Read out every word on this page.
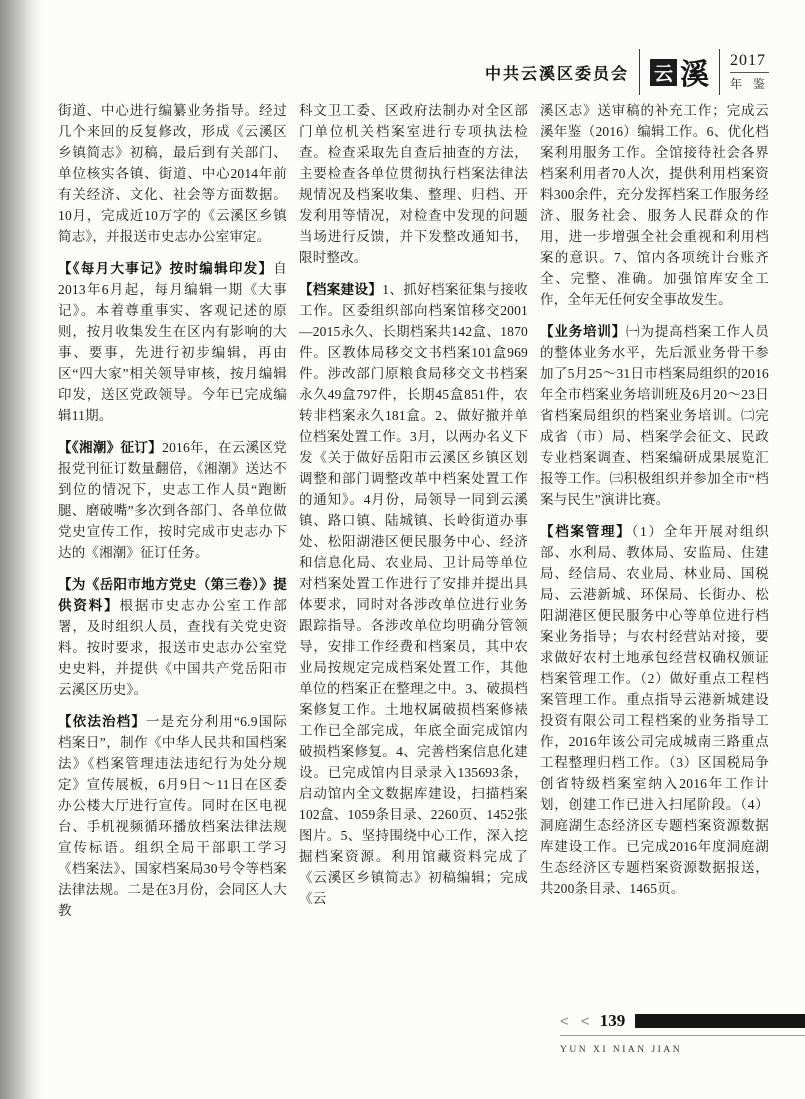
中共云溪区委员会 云 溪 2017
年 鉴

街道、中心进行编纂业务指导。经过几个来回的反复修改，形成《云溪区乡镇简志》初稿，最后到有关部门、单位核实各镇、街道、中心2014年前有关经济、文化、社会等方面数据。10月，完成近10万字的《云溪区乡镇简志》，并报送市史志办公室审定。

【《每月大事记》按时编辑印发】自2013年6月起，每月编辑一期《大事记》。本着尊重事实、客观记述的原则，按月收集发生在区内有影响的大事、要事，先进行初步编辑，再由区“四大家”相关领导审核，按月编辑印发，送区党政领导。今年已完成编辑11期。

【《湘潮》征订】2016年，在云溪区党报党刊征订数量翻倍，《湘潮》送达不到位的情况下，史志工作人员“跑断腿、磨破嘴”多次到各部门、各单位做党史宣传工作，按时完成市史志办下达的《湘潮》征订任务。

【为《岳阳市地方党史（第三卷）》提供资料】根据市史志办公室工作部署，及时组织人员，查找有关党史资料。按时要求，报送市史志办公室党史史料，并提供《中国共产党岳阳市云溪区历史》。

【依法治档】一是充分利用“6.9国际档案日”，制作《中华人民共和国档案法》《档案管理违法违纪行为处分规定》宣传展板，6月9日～11日在区委办公楼大厅进行宣传。同时在区电视台、手机视频循环播放档案法律法规宣传标语。组织全局干部职工学习《档案法》、国家档案局30号令等档案法律法规。二是在3月份，会同区人大教

科文卫工委、区政府法制办对全区部门单位机关档案室进行专项执法检查。检查采取先自查后抽查的方法，主要检查各单位贯彻执行档案法律法规情况及档案收集、整理、归档、开发利用等情况，对检查中发现的问题当场进行反馈，并下发整改通知书，限时整改。

【档案建设】1、抓好档案征集与接收工作。区委组织部向档案馆移交2001—2015永久、长期档案共142盒、1870件。区教体局移交文书档案101盒969件。涉改部门原粮食局移交文书档案永久49盒797件，长期45盒851件，农转非档案永久181盒。2、做好撤并单位档案处置工作。3月，以两办名义下发《关于做好岳阳市云溪区乡镇区划调整和部门调整改革中档案处置工作的通知》。4月份，局领导一同到云溪镇、路口镇、陆城镇、长岭街道办事处、松阳湖港区便民服务中心、经济和信息化局、农业局、卫计局等单位对档案处置工作进行了安排并提出具体要求，同时对各涉改单位进行业务跟踪指导。各涉改单位均明确分管领导，安排工作经费和档案员，其中农业局按规定完成档案处置工作，其他单位的档案正在整理之中。3、破损档案修复工作。土地权属破损档案修裱工作已全部完成，年底全面完成馆内破损档案修复。4、完善档案信息化建设。已完成馆内目录录入135693条，启动馆内全文数据库建设，扫描档案102盒、1059条目录、2260页、1452张图片。5、坚持围绕中心工作，深入挖掘档案资源。利用馆藏资料完成了《云溪区乡镇简志》初稿编辑；完成《云

溪区志》送审稿的补充工作；完成云溪年鉴（2016）编辑工作。6、优化档案利用服务工作。全馆接待社会各界档案利用者70人次，提供利用档案资料300余件，充分发挥档案工作服务经济、服务社会、服务人民群众的作用，进一步增强全社会重视和利用档案的意识。7、馆内各项统计台账齐全、完整、准确。加强馆库安全工作，全年无任何安全事故发生。

【业务培训】㈠为提高档案工作人员的整体业务水平，先后派业务骨干参加了5月25～31日市档案局组织的2016年全市档案业务培训班及6月20～23日省档案局组织的档案业务培训。㈡完成省（市）局、档案学会征文、民政专业档案调查、档案编研成果展览汇报等工作。㈢积极组织并参加全市“档案与民生”演讲比赛。

【档案管理】（1）全年开展对组织部、水利局、教体局、安监局、住建局、经信局、农业局、林业局、国税局、云港新城、环保局、长街办、松阳湖港区便民服务中心等单位进行档案业务指导；与农村经营站对接，要求做好农村土地承包经营权确权颁证档案管理工作。（2）做好重点工程档案管理工作。重点指导云港新城建设投资有限公司工程档案的业务指导工作，2016年该公司完成城南三路重点工程整理归档工作。（3）区国税局争创省特级档案室纳入2016年工作计划，创建工作已进入扫尾阶段。（4）洞庭湖生态经济区专题档案资源数据库建设工作。已完成2016年度洞庭湖生态经济区专题档案资源数据报送，共200条目录、1465页。

< < 139
YUN XI NIAN JIAN
